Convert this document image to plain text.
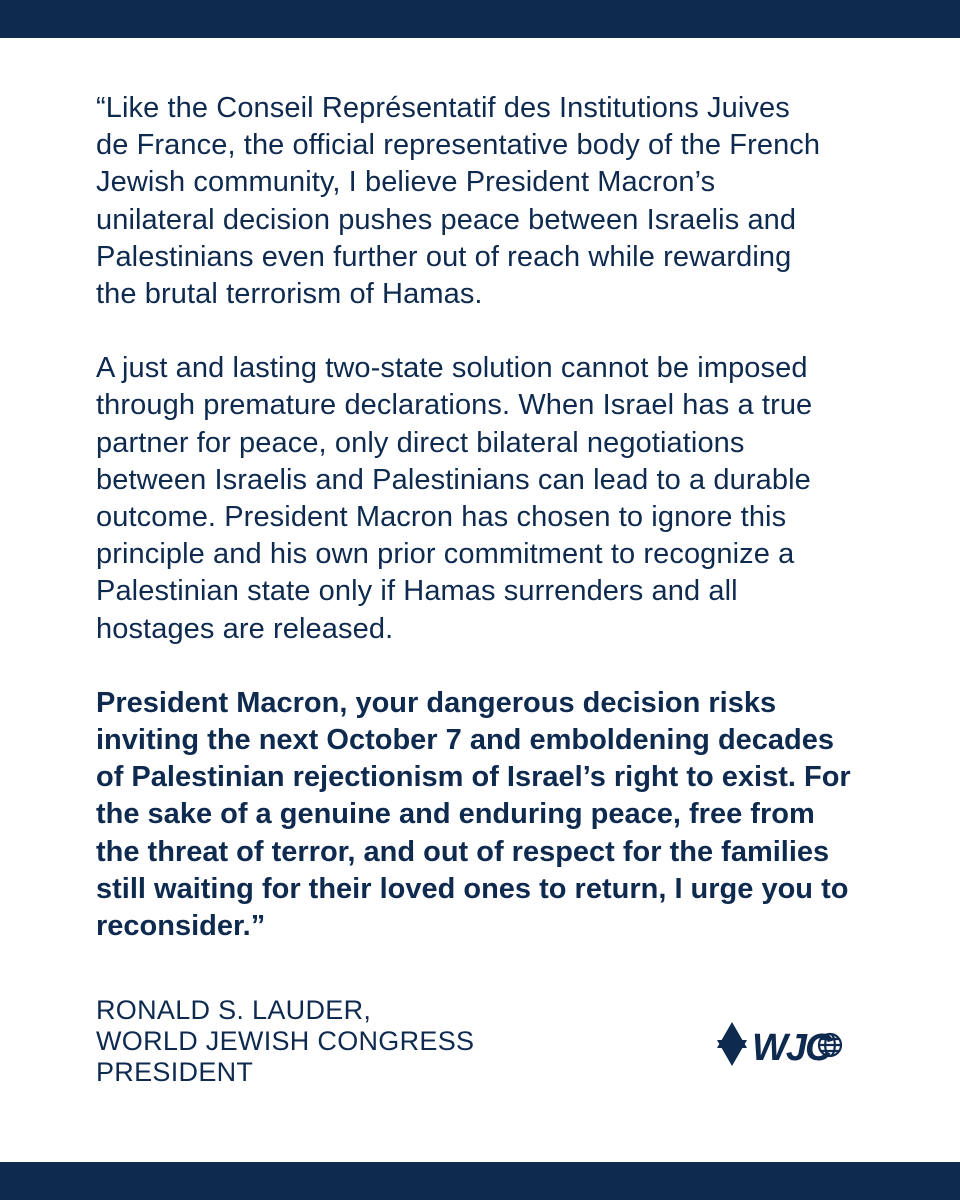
“Like the Conseil Représentatif des Institutions Juives
de France, the official representative body of the French
Jewish community, I believe President Macron’s
unilateral decision pushes peace between Israelis and
Palestinians even further out of reach while rewarding
the brutal terrorism of Hamas.

A just and lasting two-state solution cannot be imposed
through premature declarations. When Israel has a true
partner for peace, only direct bilateral negotiations
between Israelis and Palestinians can lead to a durable
outcome. President Macron has chosen to ignore this
principle and his own prior commitment to recognize a
Palestinian state only if Hamas surrenders and all
hostages are released.

President Macron, your dangerous decision risks
inviting the next October 7 and emboldening decades
of Palestinian rejectionism of Israel’s right to exist. For
the sake of a genuine and enduring peace, free from
the threat of terror, and out of respect for the families
still waiting for their loved ones to return, I urge you to
reconsider.”

RONALD S. LAUDER,
WORLD JEWISH CONGRESS
PRESIDENT
WJC
